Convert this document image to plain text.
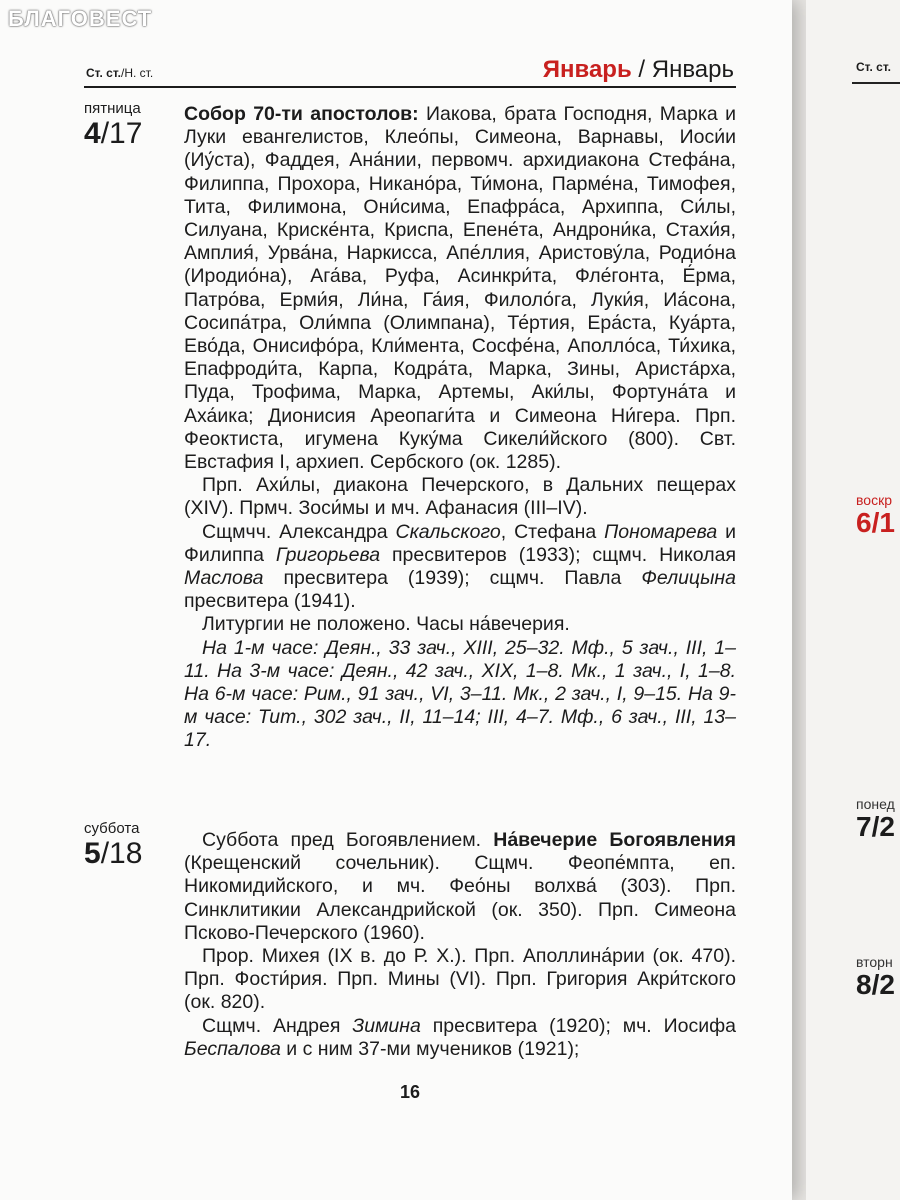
Ст. ст./Н. ст.	Январь / Январь
пятница
4/17

Собор 70-ти апостолов: Иакова, брата Господня, Марка и Луки евангелистов, Клео́пы, Симеона, Варнавы, Иоси́и (Иу́ста), Фаддея, Ана́нии, первомч. архидиакона Стефа́на, Филиппа, Прохора, Никано́ра, Ти́мона, Парме́на, Тимофея, Тита, Филимона, Они́сима, Епафра́са, Архиппа, Си́лы, Силуана, Криске́нта, Криспа, Епене́та, Андрони́ка, Стахи́я, Амплия́, Урва́на, Наркисса, Апе́ллия, Аристову́ла, Родио́на (Иродио́на), Ага́ва, Руфа, Асинкри́та, Фле́гонта, Е́рма, Патро́ва, Ерми́я, Ли́на, Га́ия, Филоло́га, Луки́я, Иа́сона, Сосипа́тра, Оли́мпа (Олимпана), Те́ртия, Ера́ста, Куа́рта, Ево́да, Онисифо́ра, Кли́мента, Сосфе́на, Аполло́са, Ти́хика, Епафроди́та, Карпа, Кодра́та, Марка, Зины, Аристáрха, Пуда, Трофима, Марка, Артемы, Аки́лы, Фортуна́та и Аха́ика; Дионисия Ареопаги́та и Симеона Ни́гера. Прп. Феоктиста, игумена Куку́ма Сикели́йского (800). Свт. Евстафия I, архиеп. Сербского (ок. 1285).

Прп. Ахи́лы, диакона Печерского, в Дальних пещерах (XIV). Прмч. Зоси́мы и мч. Афанасия (III–IV).

Сщмчч. Александра Скальского, Стефана Пономарева и Филиппа Григорьева пресвитеров (1933); сщмч. Николая Маслова пресвитера (1939); сщмч. Павла Фелицына пресвитера (1941).

Литургии не положено. Часы на́вечерия.

На 1-м часе: Деян., 33 зач., XIII, 25–32. Мф., 5 зач., III, 1–11. На 3-м часе: Деян., 42 зач., XIX, 1–8. Мк., 1 зач., I, 1–8. На 6-м часе: Рим., 91 зач., VI, 3–11. Мк., 2 зач., I, 9–15. На 9-м часе: Тит., 302 зач., II, 11–14; III, 4–7. Мф., 6 зач., III, 13–17.

суббота
5/18	Суббота пред Богоявлением. На́вечерие Богоявления (Крещенский сочельник). Сщмч. Феопе́мпта, еп. Никомидийского, и мч. Фео́ны волхва́ (303). Прп. Синклитикии Александрийской (ок. 350). Прп. Симеона Псково-Печерского (1960).

Прор. Михея (IX в. до Р. Х.). Прп. Аполлина́рии (ок. 470). Прп. Фости́рия. Прп. Мины (VI). Прп. Григория Акри́тского (ок. 820).

Сщмч. Андрея Зимина пресвитера (1920); мч. Иосифа Беспалова и с ним 37-ми мучеников (1921);

16
Ст. ст.
воскр
6/1
понед
7/2
вторн
8/2
БЛАГОВЕСТ
